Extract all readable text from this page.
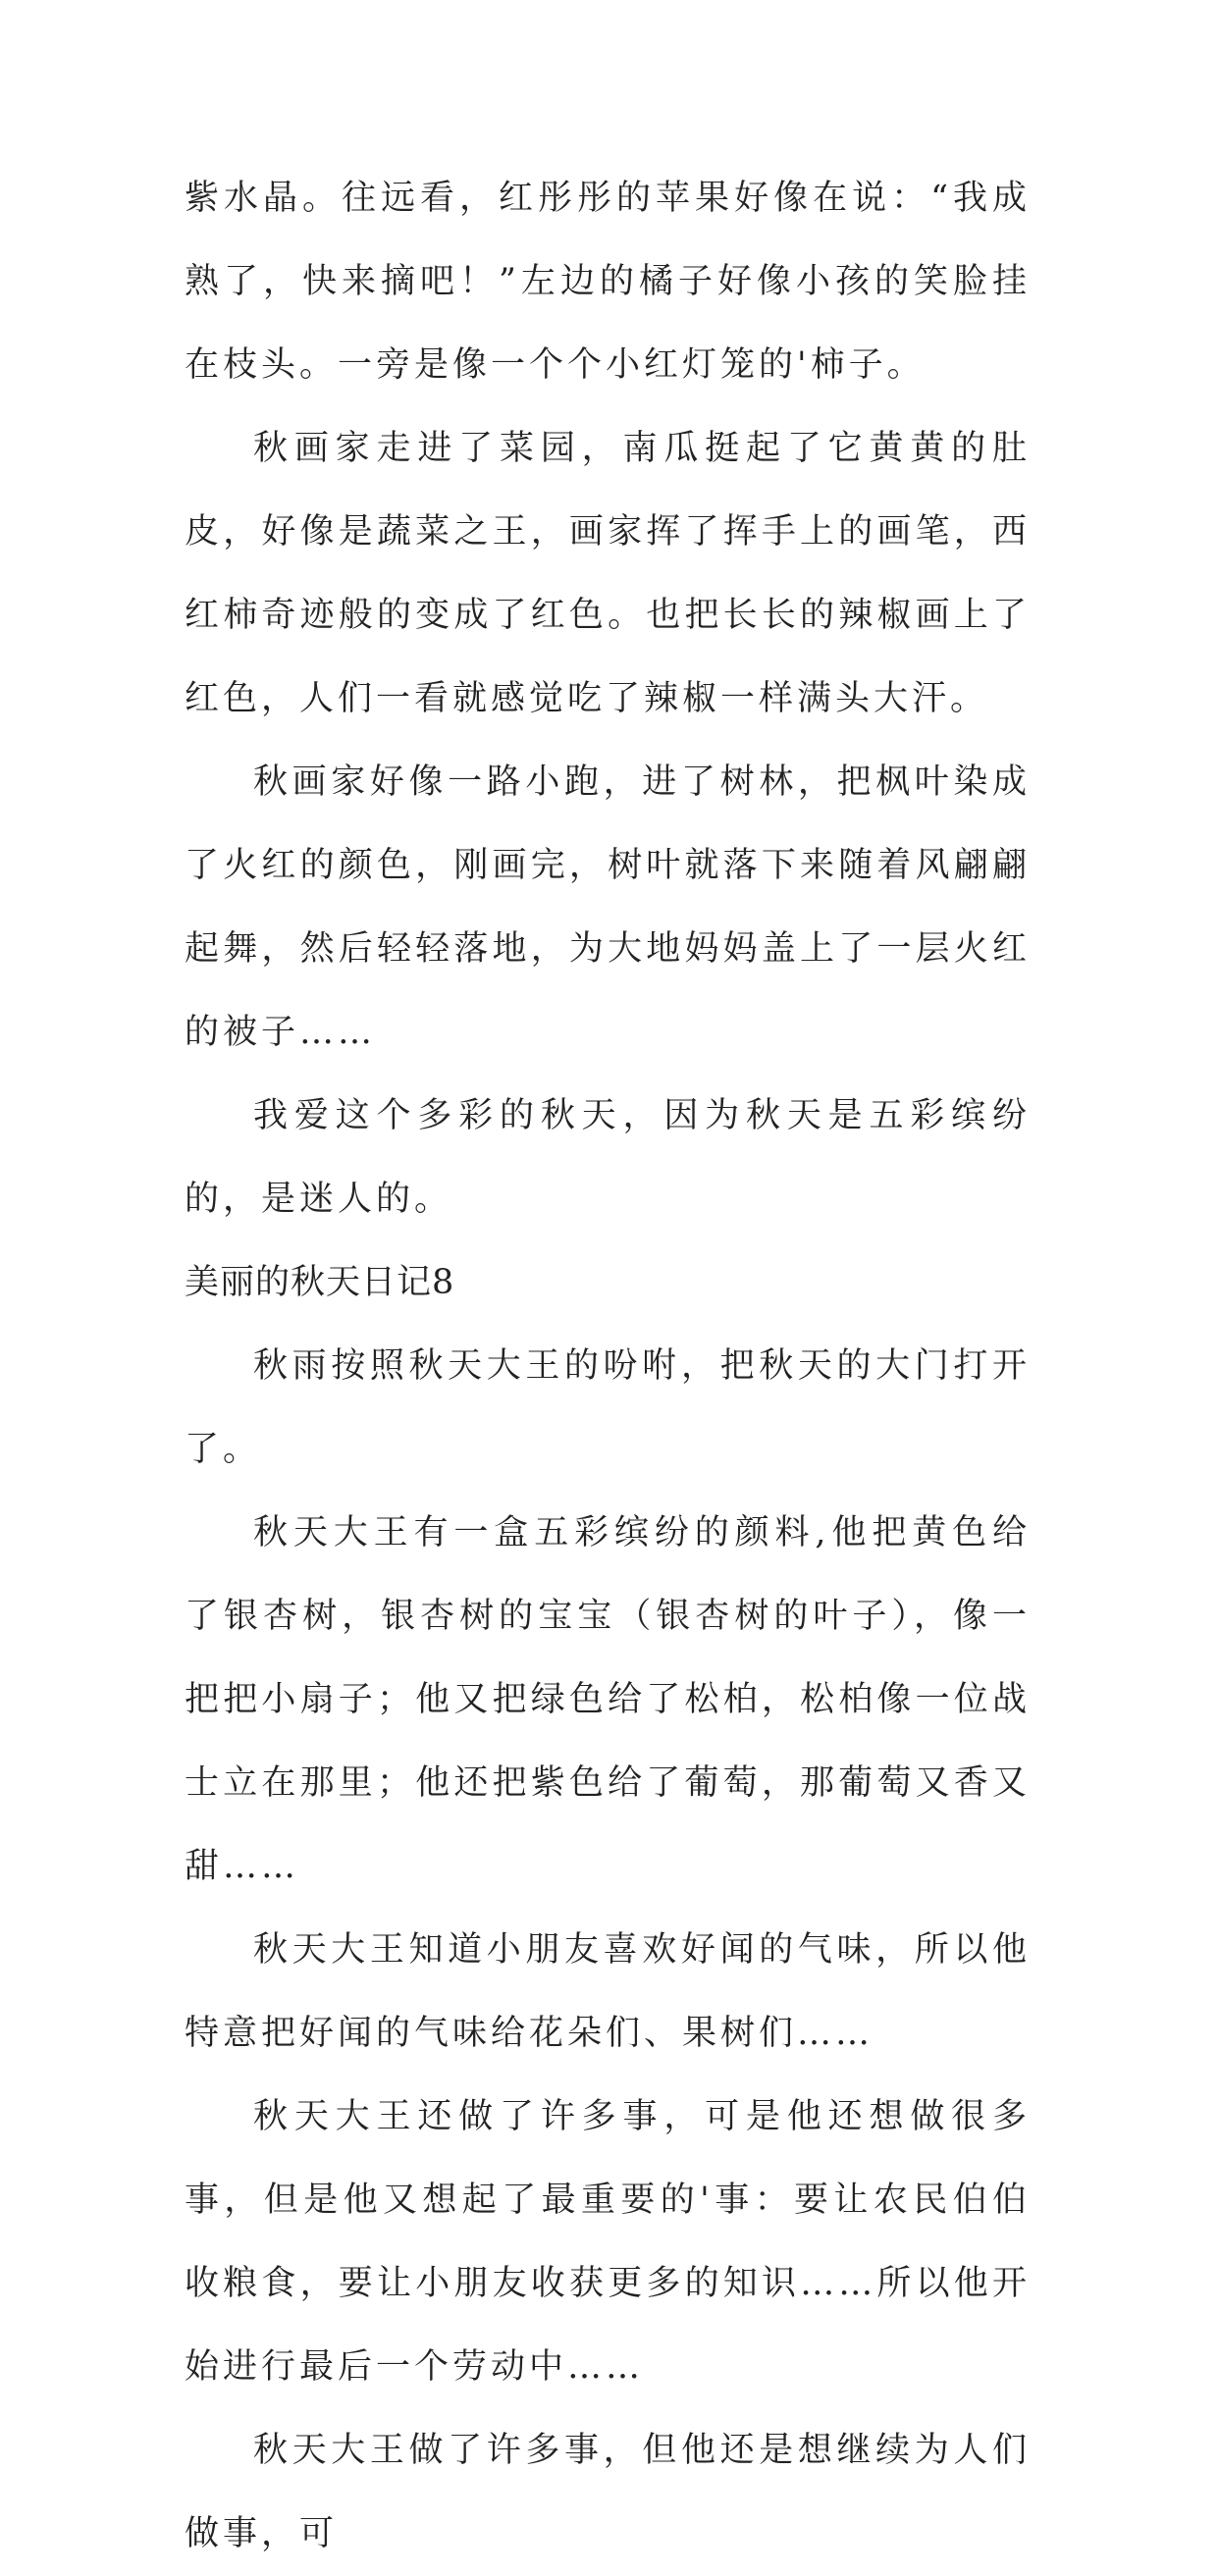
紫水晶。往远看，红彤彤的苹果好像在说：“我成熟了，快来摘吧！”左边的橘子好像小孩的笑脸挂在枝头。一旁是像一个个小红灯笼的'柿子。

秋画家走进了菜园，南瓜挺起了它黄黄的肚皮，好像是蔬菜之王，画家挥了挥手上的画笔，西红柿奇迹般的变成了红色。也把长长的辣椒画上了红色，人们一看就感觉吃了辣椒一样满头大汗。

秋画家好像一路小跑，进了树林，把枫叶染成了火红的颜色，刚画完，树叶就落下来随着风翩翩起舞，然后轻轻落地，为大地妈妈盖上了一层火红的被子……

我爱这个多彩的秋天，因为秋天是五彩缤纷的，是迷人的。

美丽的秋天日记8

秋雨按照秋天大王的吩咐，把秋天的大门打开了。

秋天大王有一盒五彩缤纷的颜料,他把黄色给了银杏树，银杏树的宝宝（银杏树的叶子），像一把把小扇子；他又把绿色给了松柏，松柏像一位战士立在那里；他还把紫色给了葡萄，那葡萄又香又甜……

秋天大王知道小朋友喜欢好闻的气味，所以他特意把好闻的气味给花朵们、果树们……

秋天大王还做了许多事，可是他还想做很多事，但是他又想起了最重要的'事：要让农民伯伯收粮食，要让小朋友收获更多的知识……所以他开始进行最后一个劳动中……

秋天大王做了许多事，但他还是想继续为人们做事，可
